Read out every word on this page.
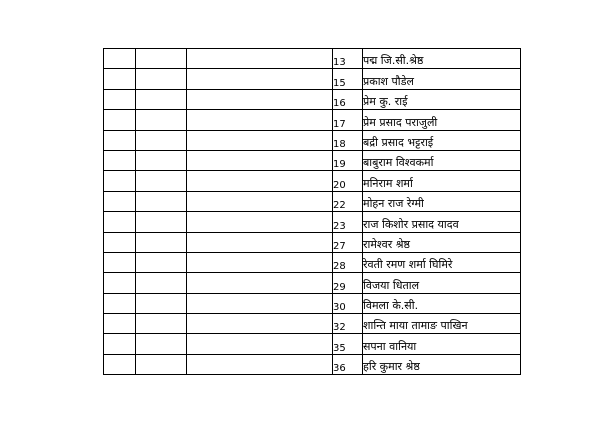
			13	पद्म जि.सी.श्रेष्ठ
			15	प्रकाश पौडेल
			16	प्रेम कु. राई
			17	प्रेम प्रसाद पराजुली
			18	बद्री प्रसाद भट्टराई
			19	बाबुराम विश्वकर्मा
			20	मनिराम शर्मा
			22	मोहन राज रेग्मी
			23	राज किशोर प्रसाद यादव
			27	रामेश्वर श्रेष्ठ
			28	रेवती रमण शर्मा घिमिरे
			29	विजया धिताल
			30	विमला के.सी.
			32	शान्ति माया तामाङ पाखिन
			35	सपना वानिया
			36	हरि कुमार श्रेष्ठ
